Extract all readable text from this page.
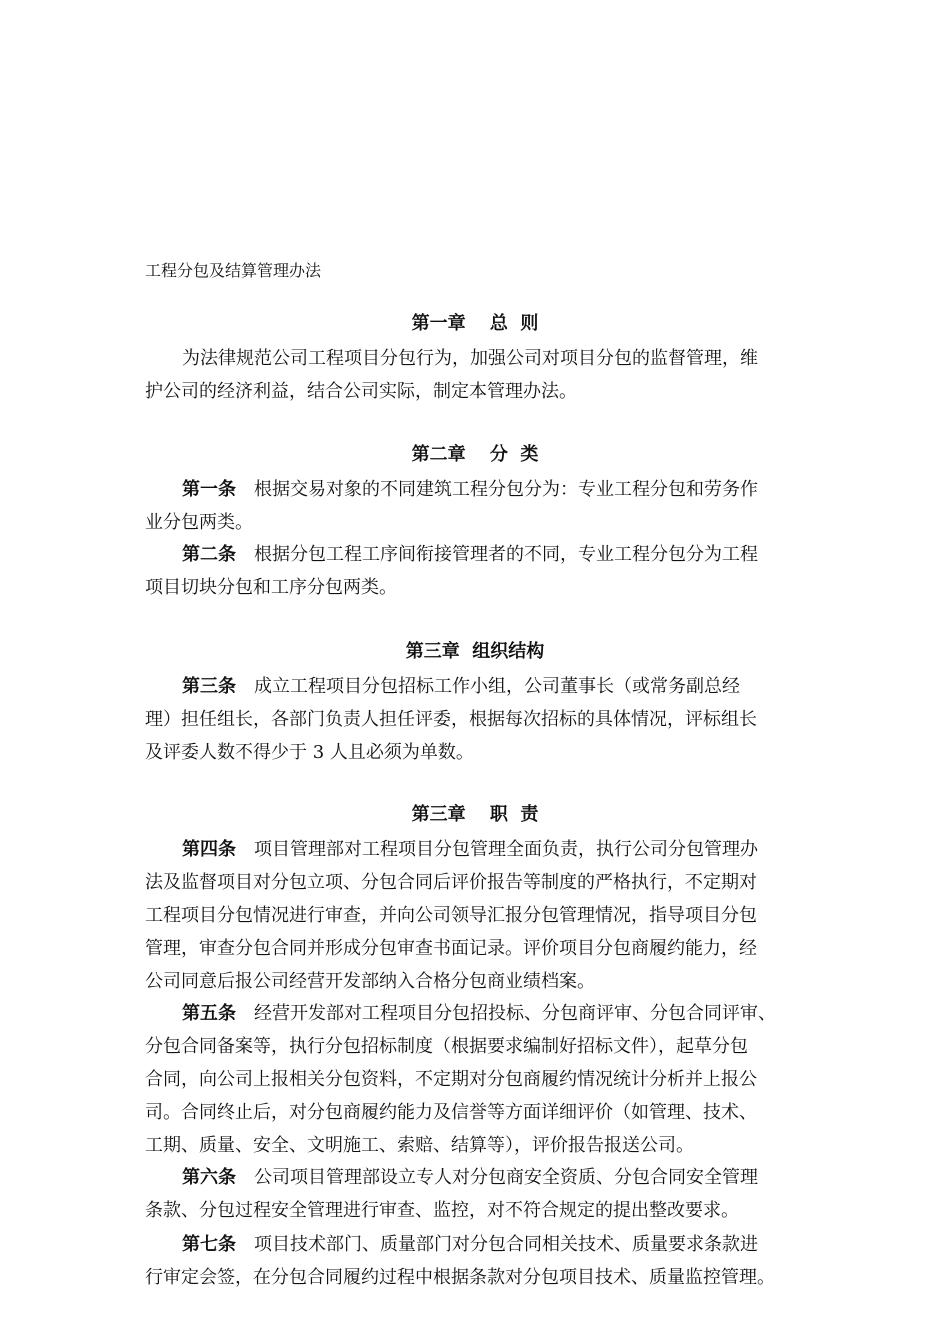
工程分包及结算管理办法
第一章　 总  则
为法律规范公司工程项目分包行为，加强公司对项目分包的监督管理，维
护公司的经济利益，结合公司实际，制定本管理办法。
第二章　 分  类
第一条 根据交易对象的不同建筑工程分包分为：专业工程分包和劳务作
业分包两类。
第二条 根据分包工程工序间衔接管理者的不同，专业工程分包分为工程
项目切块分包和工序分包两类。
第三章  组织结构
第三条 成立工程项目分包招标工作小组，公司董事长（或常务副总经
理）担任组长，各部门负责人担任评委，根据每次招标的具体情况，评标组长
及评委人数不得少于 3 人且必须为单数。
第三章　 职  责
第四条 项目管理部对工程项目分包管理全面负责，执行公司分包管理办
法及监督项目对分包立项、分包合同后评价报告等制度的严格执行，不定期对
工程项目分包情况进行审查，并向公司领导汇报分包管理情况，指导项目分包
管理，审查分包合同并形成分包审查书面记录。评价项目分包商履约能力，经
公司同意后报公司经营开发部纳入合格分包商业绩档案。
第五条 经营开发部对工程项目分包招投标、分包商评审、分包合同评审、
分包合同备案等，执行分包招标制度（根据要求编制好招标文件），起草分包
合同，向公司上报相关分包资料，不定期对分包商履约情况统计分析并上报公
司。合同终止后，对分包商履约能力及信誉等方面详细评价（如管理、技术、
工期、质量、安全、文明施工、索赔、结算等），评价报告报送公司。
第六条 公司项目管理部设立专人对分包商安全资质、分包合同安全管理
条款、分包过程安全管理进行审查、监控，对不符合规定的提出整改要求。
第七条 项目技术部门、质量部门对分包合同相关技术、质量要求条款进
行审定会签，在分包合同履约过程中根据条款对分包项目技术、质量监控管理。
